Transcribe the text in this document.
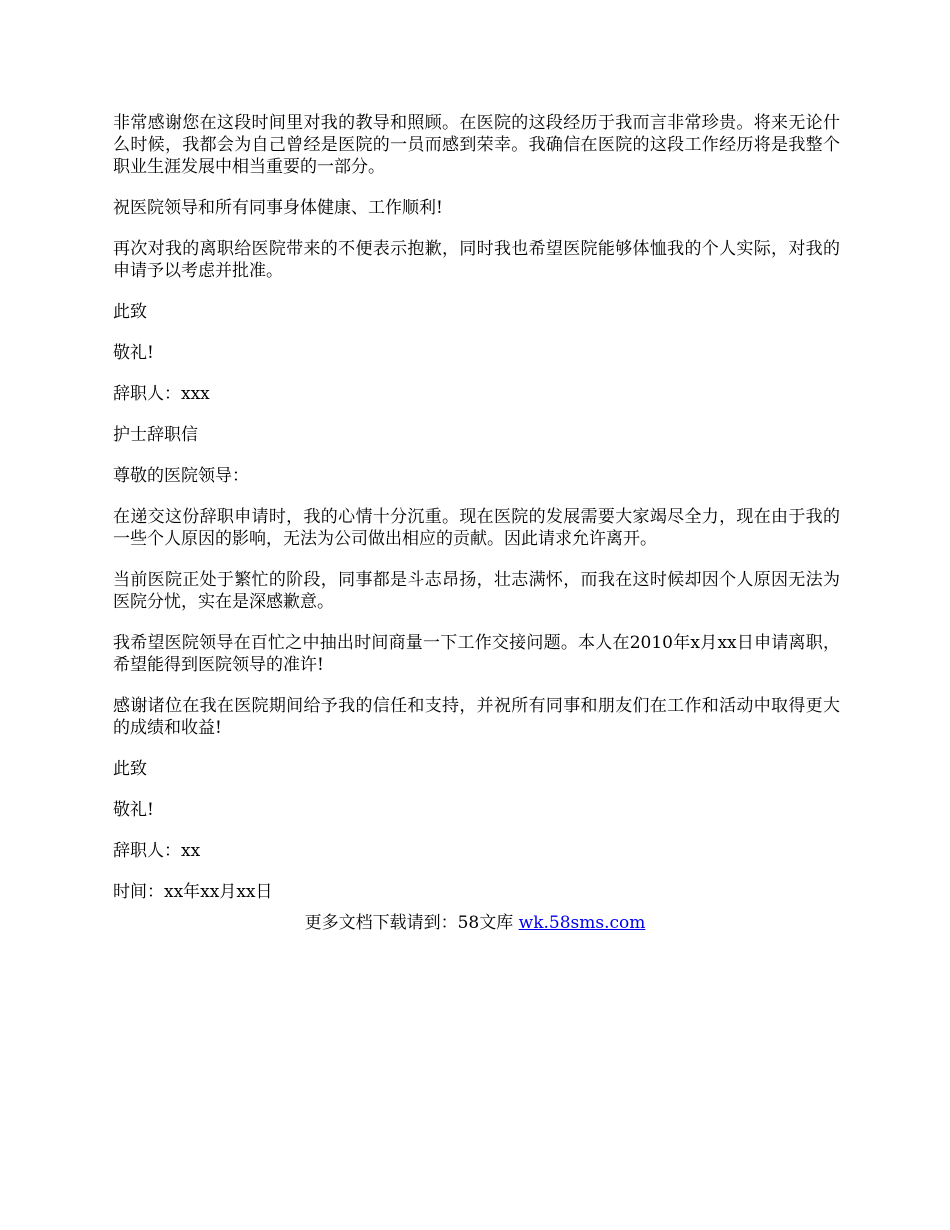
非常感谢您在这段时间里对我的教导和照顾。在医院的这段经历于我而言非常珍贵。将来无论什么时候，我都会为自己曾经是医院的一员而感到荣幸。我确信在医院的这段工作经历将是我整个职业生涯发展中相当重要的一部分。

祝医院领导和所有同事身体健康、工作顺利!

再次对我的离职给医院带来的不便表示抱歉，同时我也希望医院能够体恤我的个人实际，对我的申请予以考虑并批准。

此致

敬礼!

辞职人：xxx

护士辞职信

尊敬的医院领导：

在递交这份辞职申请时，我的心情十分沉重。现在医院的发展需要大家竭尽全力，现在由于我的一些个人原因的影响，无法为公司做出相应的贡献。因此请求允许离开。

当前医院正处于繁忙的阶段，同事都是斗志昂扬，壮志满怀，而我在这时候却因个人原因无法为医院分忧，实在是深感歉意。

我希望医院领导在百忙之中抽出时间商量一下工作交接问题。本人在2010年x月xx日申请离职，希望能得到医院领导的准许!

感谢诸位在我在医院期间给予我的信任和支持，并祝所有同事和朋友们在工作和活动中取得更大的成绩和收益!

此致

敬礼!

辞职人：xx

时间：xx年xx月xx日

更多文档下载请到：58文库 wk.58sms.com
